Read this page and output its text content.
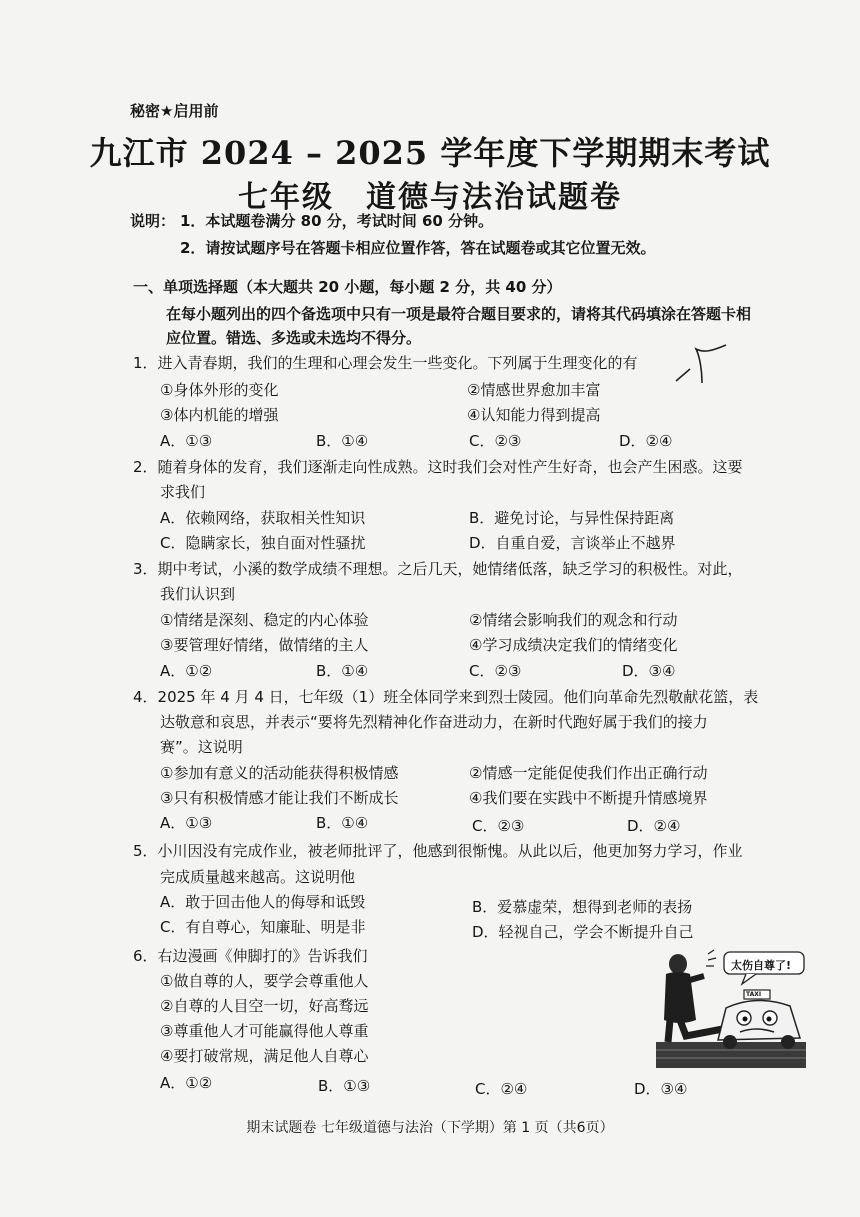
秘密★启用前
九江市 2024 – 2025 学年度下学期期末考试
七年级　道德与法治试题卷
说明： 1．本试题卷满分 80 分，考试时间 60 分钟。
2．请按试题序号在答题卡相应位置作答，答在试题卷或其它位置无效。
一、单项选择题（本大题共 20 小题，每小题 2 分，共 40 分）
在每小题列出的四个备选项中只有一项是最符合题目要求的，请将其代码填涂在答题卡相
应位置。错选、多选或未选均不得分。
1．进入青春期，我们的生理和心理会发生一些变化。下列属于生理变化的有
①身体外形的变化	②情感世界愈加丰富
③体内机能的增强	④认知能力得到提高
A．①③	B．①④	C．②③	D．②④
2．随着身体的发育，我们逐渐走向性成熟。这时我们会对性产生好奇，也会产生困惑。这要
求我们
A．依赖网络，获取相关性知识	B．避免讨论，与异性保持距离
C．隐瞒家长，独自面对性骚扰	D．自重自爱，言谈举止不越界
3．期中考试，小溪的数学成绩不理想。之后几天，她情绪低落，缺乏学习的积极性。对此，
我们认识到
①情绪是深刻、稳定的内心体验	②情绪会影响我们的观念和行动
③要管理好情绪，做情绪的主人	④学习成绩决定我们的情绪变化
A．①②	B．①④	C．②③	D．③④
4．2025 年 4 月 4 日，七年级（1）班全体同学来到烈士陵园。他们向革命先烈敬献花篮，表
达敬意和哀思，并表示“要将先烈精神化作奋进动力，在新时代跑好属于我们的接力
赛”。这说明
①参加有意义的活动能获得积极情感	②情感一定能促使我们作出正确行动
③只有积极情感才能让我们不断成长	④我们要在实践中不断提升情感境界
A．①③	B．①④	C．②③	D．②④
5．小川因没有完成作业，被老师批评了，他感到很惭愧。从此以后，他更加努力学习，作业
完成质量越来越高。这说明他
A．敢于回击他人的侮辱和诋毁	B．爱慕虚荣，想得到老师的表扬
C．有自尊心，知廉耻、明是非	D．轻视自己，学会不断提升自己
6．右边漫画《伸脚打的》告诉我们
①做自尊的人，要学会尊重他人
②自尊的人目空一切，好高骛远
③尊重他人才可能赢得他人尊重
④要打破常规，满足他人自尊心
A．①②	B．①③	C．②④	D．③④
太伤自尊了!
TAXI
期末试题卷 七年级道德与法治（下学期）第 1 页（共6页）
